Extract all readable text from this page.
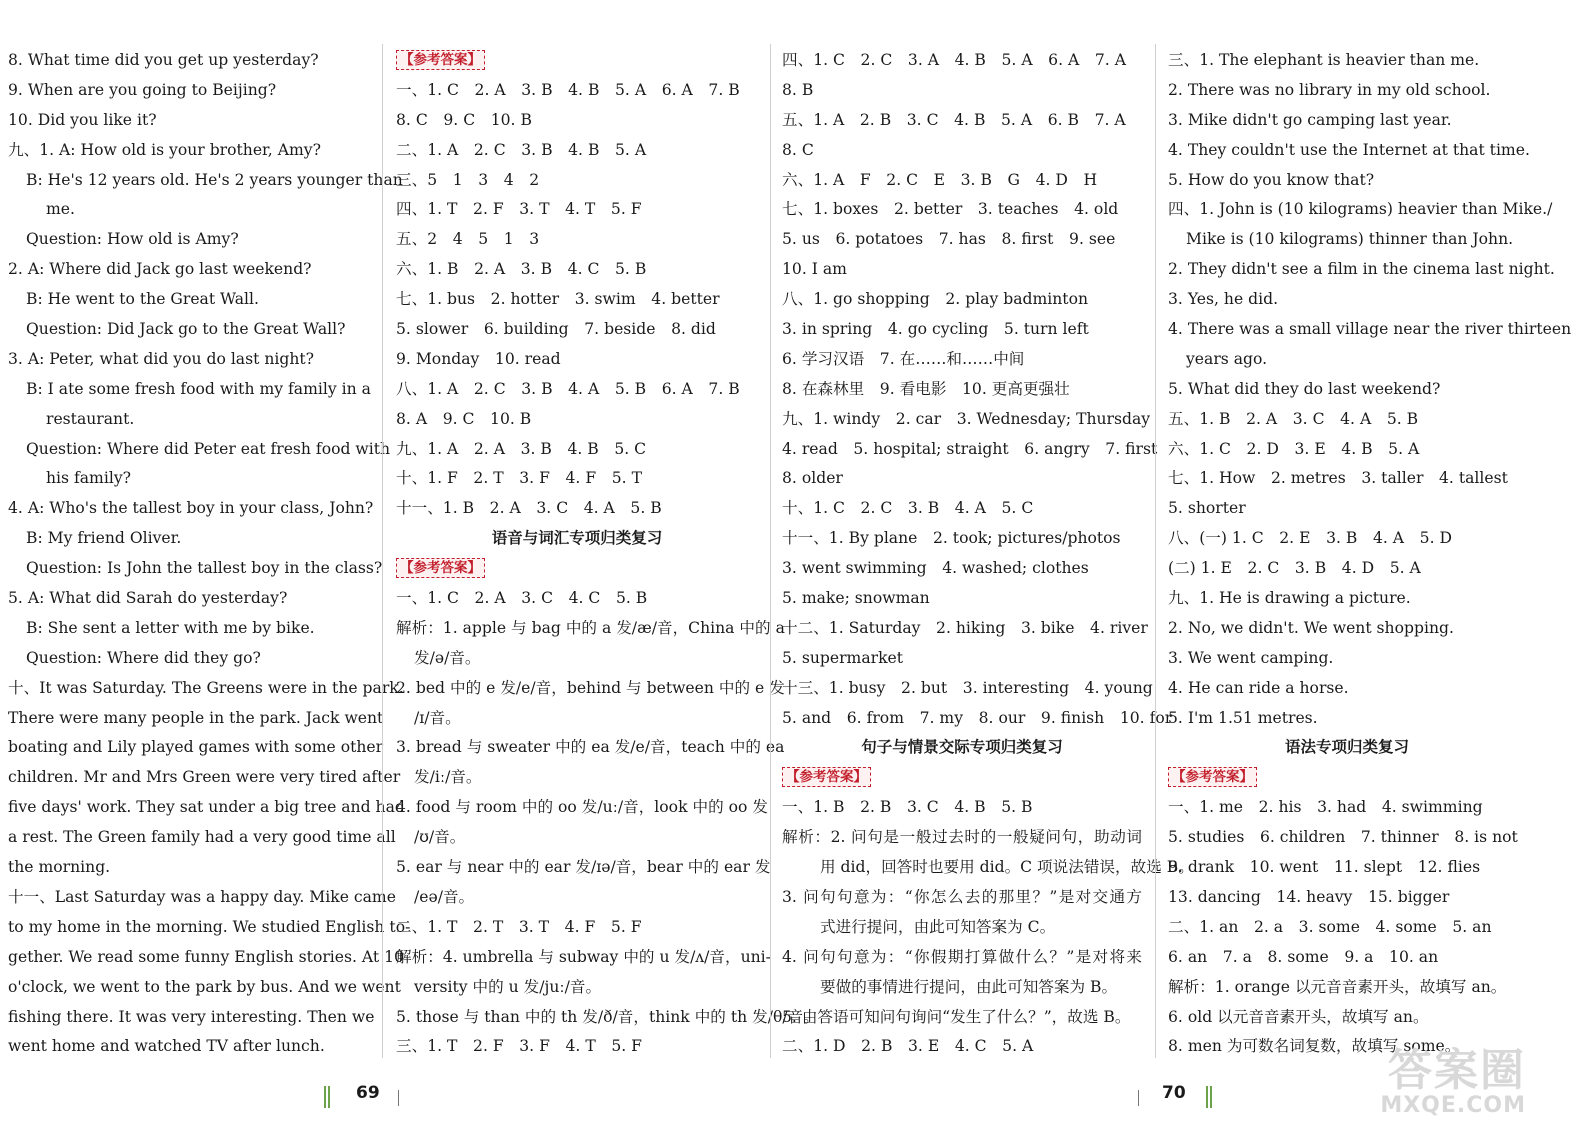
8. What time did you get up yesterday?
9. When are you going to Beijing?
10. Did you like it?
九、1. A: How old is your brother, Amy?
B: He's 12 years old. He's 2 years younger than
me.
Question: How old is Amy?
2. A: Where did Jack go last weekend?
B: He went to the Great Wall.
Question: Did Jack go to the Great Wall?
3. A: Peter, what did you do last night?
B: I ate some fresh food with my family in a
restaurant.
Question: Where did Peter eat fresh food with
his family?
4. A: Who's the tallest boy in your class, John?
B: My friend Oliver.
Question: Is John the tallest boy in the class?
5. A: What did Sarah do yesterday?
B: She sent a letter with me by bike.
Question: Where did they go?
十、It was Saturday. The Greens were in the park.
There were many people in the park. Jack went
boating and Lily played games with some other
children. Mr and Mrs Green were very tired after
five days' work. They sat under a big tree and had
a rest. The Green family had a very good time all
the morning.
十一、Last Saturday was a happy day. Mike came
to my home in the morning. We studied English to-
gether. We read some funny English stories. At 10
o'clock, we went to the park by bus. And we went
fishing there. It was very interesting. Then we
went home and watched TV after lunch.
【参考答案】
一、1. C　2. A　3. B　4. B　5. A　6. A　7. B
8. C　9. C　10. B
二、1. A　2. C　3. B　4. B　5. A
三、5　1　3　4　2
四、1. T　2. F　3. T　4. T　5. F
五、2　4　5　1　3
六、1. B　2. A　3. B　4. C　5. B
七、1. bus　2. hotter　3. swim　4. better
5. slower　6. building　7. beside　8. did
9. Monday　10. read
八、1. A　2. C　3. B　4. A　5. B　6. A　7. B
8. A　9. C　10. B
九、1. A　2. A　3. B　4. B　5. C
十、1. F　2. T　3. F　4. F　5. T
十一、1. B　2. A　3. C　4. A　5. B
语音与词汇专项归类复习
【参考答案】
一、1. C　2. A　3. C　4. C　5. B
解析：1. apple 与 bag 中的 a 发/æ/音，China 中的 a
发/ə/音。
2. bed 中的 e 发/e/音，behind 与 between 中的 e 发
/ɪ/音。
3. bread 与 sweater 中的 ea 发/e/音，teach 中的 ea
发/iː/音。
4. food 与 room 中的 oo 发/uː/音，look 中的 oo 发
/ʊ/音。
5. ear 与 near 中的 ear 发/ɪə/音，bear 中的 ear 发
/eə/音。
二、1. T　2. T　3. T　4. F　5. F
解析：4. umbrella 与 subway 中的 u 发/ʌ/音，uni-
versity 中的 u 发/juː/音。
5. those 与 than 中的 th 发/ð/音，think 中的 th 发/θ/音。
三、1. T　2. F　3. F　4. T　5. F
四、1. C　2. C　3. A　4. B　5. A　6. A　7. A
8. B
五、1. A　2. B　3. C　4. B　5. A　6. B　7. A
8. C
六、1. A　F　2. C　E　3. B　G　4. D　H
七、1. boxes　2. better　3. teaches　4. old
5. us　6. potatoes　7. has　8. first　9. see
10. I am
八、1. go shopping　2. play badminton
3. in spring　4. go cycling　5. turn left
6. 学习汉语　7. 在……和……中间
8. 在森林里　9. 看电影　10. 更高更强壮
九、1. windy　2. car　3. Wednesday; Thursday
4. read　5. hospital; straight　6. angry　7. first
8. older
十、1. C　2. C　3. B　4. A　5. C
十一、1. By plane　2. took; pictures/photos
3. went swimming　4. washed; clothes
5. make; snowman
十二、1. Saturday　2. hiking　3. bike　4. river
5. supermarket
十三、1. busy　2. but　3. interesting　4. young
5. and　6. from　7. my　8. our　9. finish　10. for
句子与情景交际专项归类复习
【参考答案】
一、1. B　2. B　3. C　4. B　5. B
解析：2. 问句是一般过去时的一般疑问句，助动词
用 did，回答时也要用 did。C 项说法错误，故选 B。
3. 问句句意为：“你怎么去的那里？”是对交通方
式进行提问，由此可知答案为 C。
4. 问句句意为：“你假期打算做什么？”是对将来
要做的事情进行提问，由此可知答案为 B。
5. 由答语可知问句询问“发生了什么？”，故选 B。
二、1. D　2. B　3. E　4. C　5. A
三、1. The elephant is heavier than me.
2. There was no library in my old school.
3. Mike didn't go camping last year.
4. They couldn't use the Internet at that time.
5. How do you know that?
四、1. John is (10 kilograms) heavier than Mike./
Mike is (10 kilograms) thinner than John.
2. They didn't see a film in the cinema last night.
3. Yes, he did.
4. There was a small village near the river thirteen
years ago.
5. What did they do last weekend?
五、1. B　2. A　3. C　4. A　5. B
六、1. C　2. D　3. E　4. B　5. A
七、1. How　2. metres　3. taller　4. tallest
5. shorter
八、(一) 1. C　2. E　3. B　4. A　5. D
(二) 1. E　2. C　3. B　4. D　5. A
九、1. He is drawing a picture.
2. No, we didn't. We went shopping.
3. We went camping.
4. He can ride a horse.
5. I'm 1.51 metres.
语法专项归类复习
【参考答案】
一、1. me　2. his　3. had　4. swimming
5. studies　6. children　7. thinner　8. is not
9. drank　10. went　11. slept　12. flies
13. dancing　14. heavy　15. bigger
二、1. an　2. a　3. some　4. some　5. an
6. an　7. a　8. some　9. a　10. an
解析：1. orange 以元音音素开头，故填写 an。
6. old 以元音音素开头，故填写 an。
8. men 为可数名词复数，故填写 some。
69	70	答案圈
MXQE.COM
